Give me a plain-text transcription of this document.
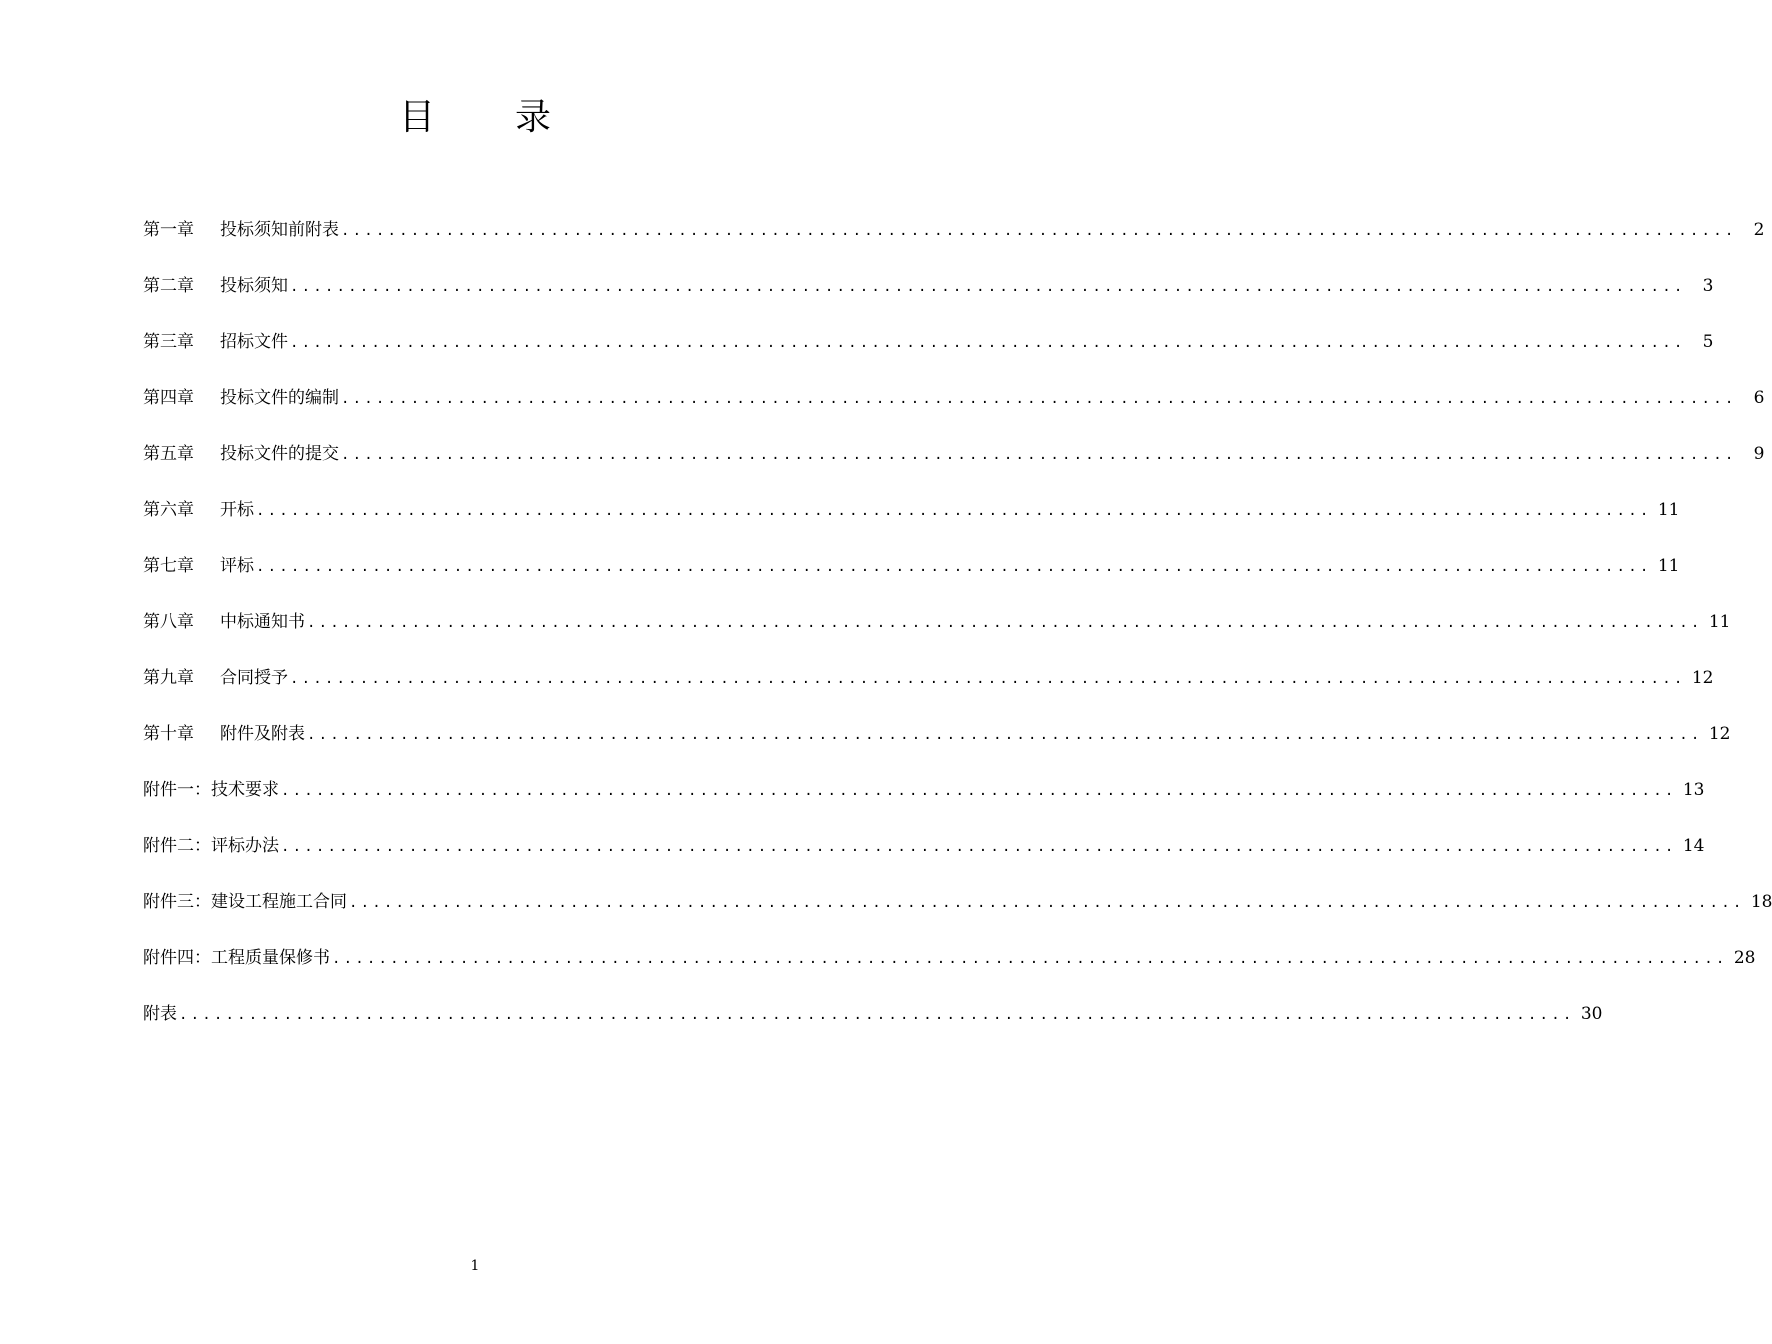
目 录
第一章	投标须知前附表 ........................................................................................................................	2
第二章	投标须知 ........................................................................................................................	3
第三章	招标文件 ........................................................................................................................	5
第四章	投标文件的编制 ........................................................................................................................	6
第五章	投标文件的提交 ........................................................................................................................	9
第六章	开标 ........................................................................................................................ 11
第七章	评标 ........................................................................................................................ 11
第八章	中标通知书 ........................................................................................................................ 11
第九章	合同授予 ........................................................................................................................ 12
第十章	附件及附表 ........................................................................................................................ 12
附件一： 技术要求 ........................................................................................................................ 13
附件二： 评标办法 ........................................................................................................................ 14
附件三： 建设工程施工合同 ........................................................................................................................ 18
附件四： 工程质量保修书 ........................................................................................................................ 28
附表 ........................................................................................................................ 30
1
